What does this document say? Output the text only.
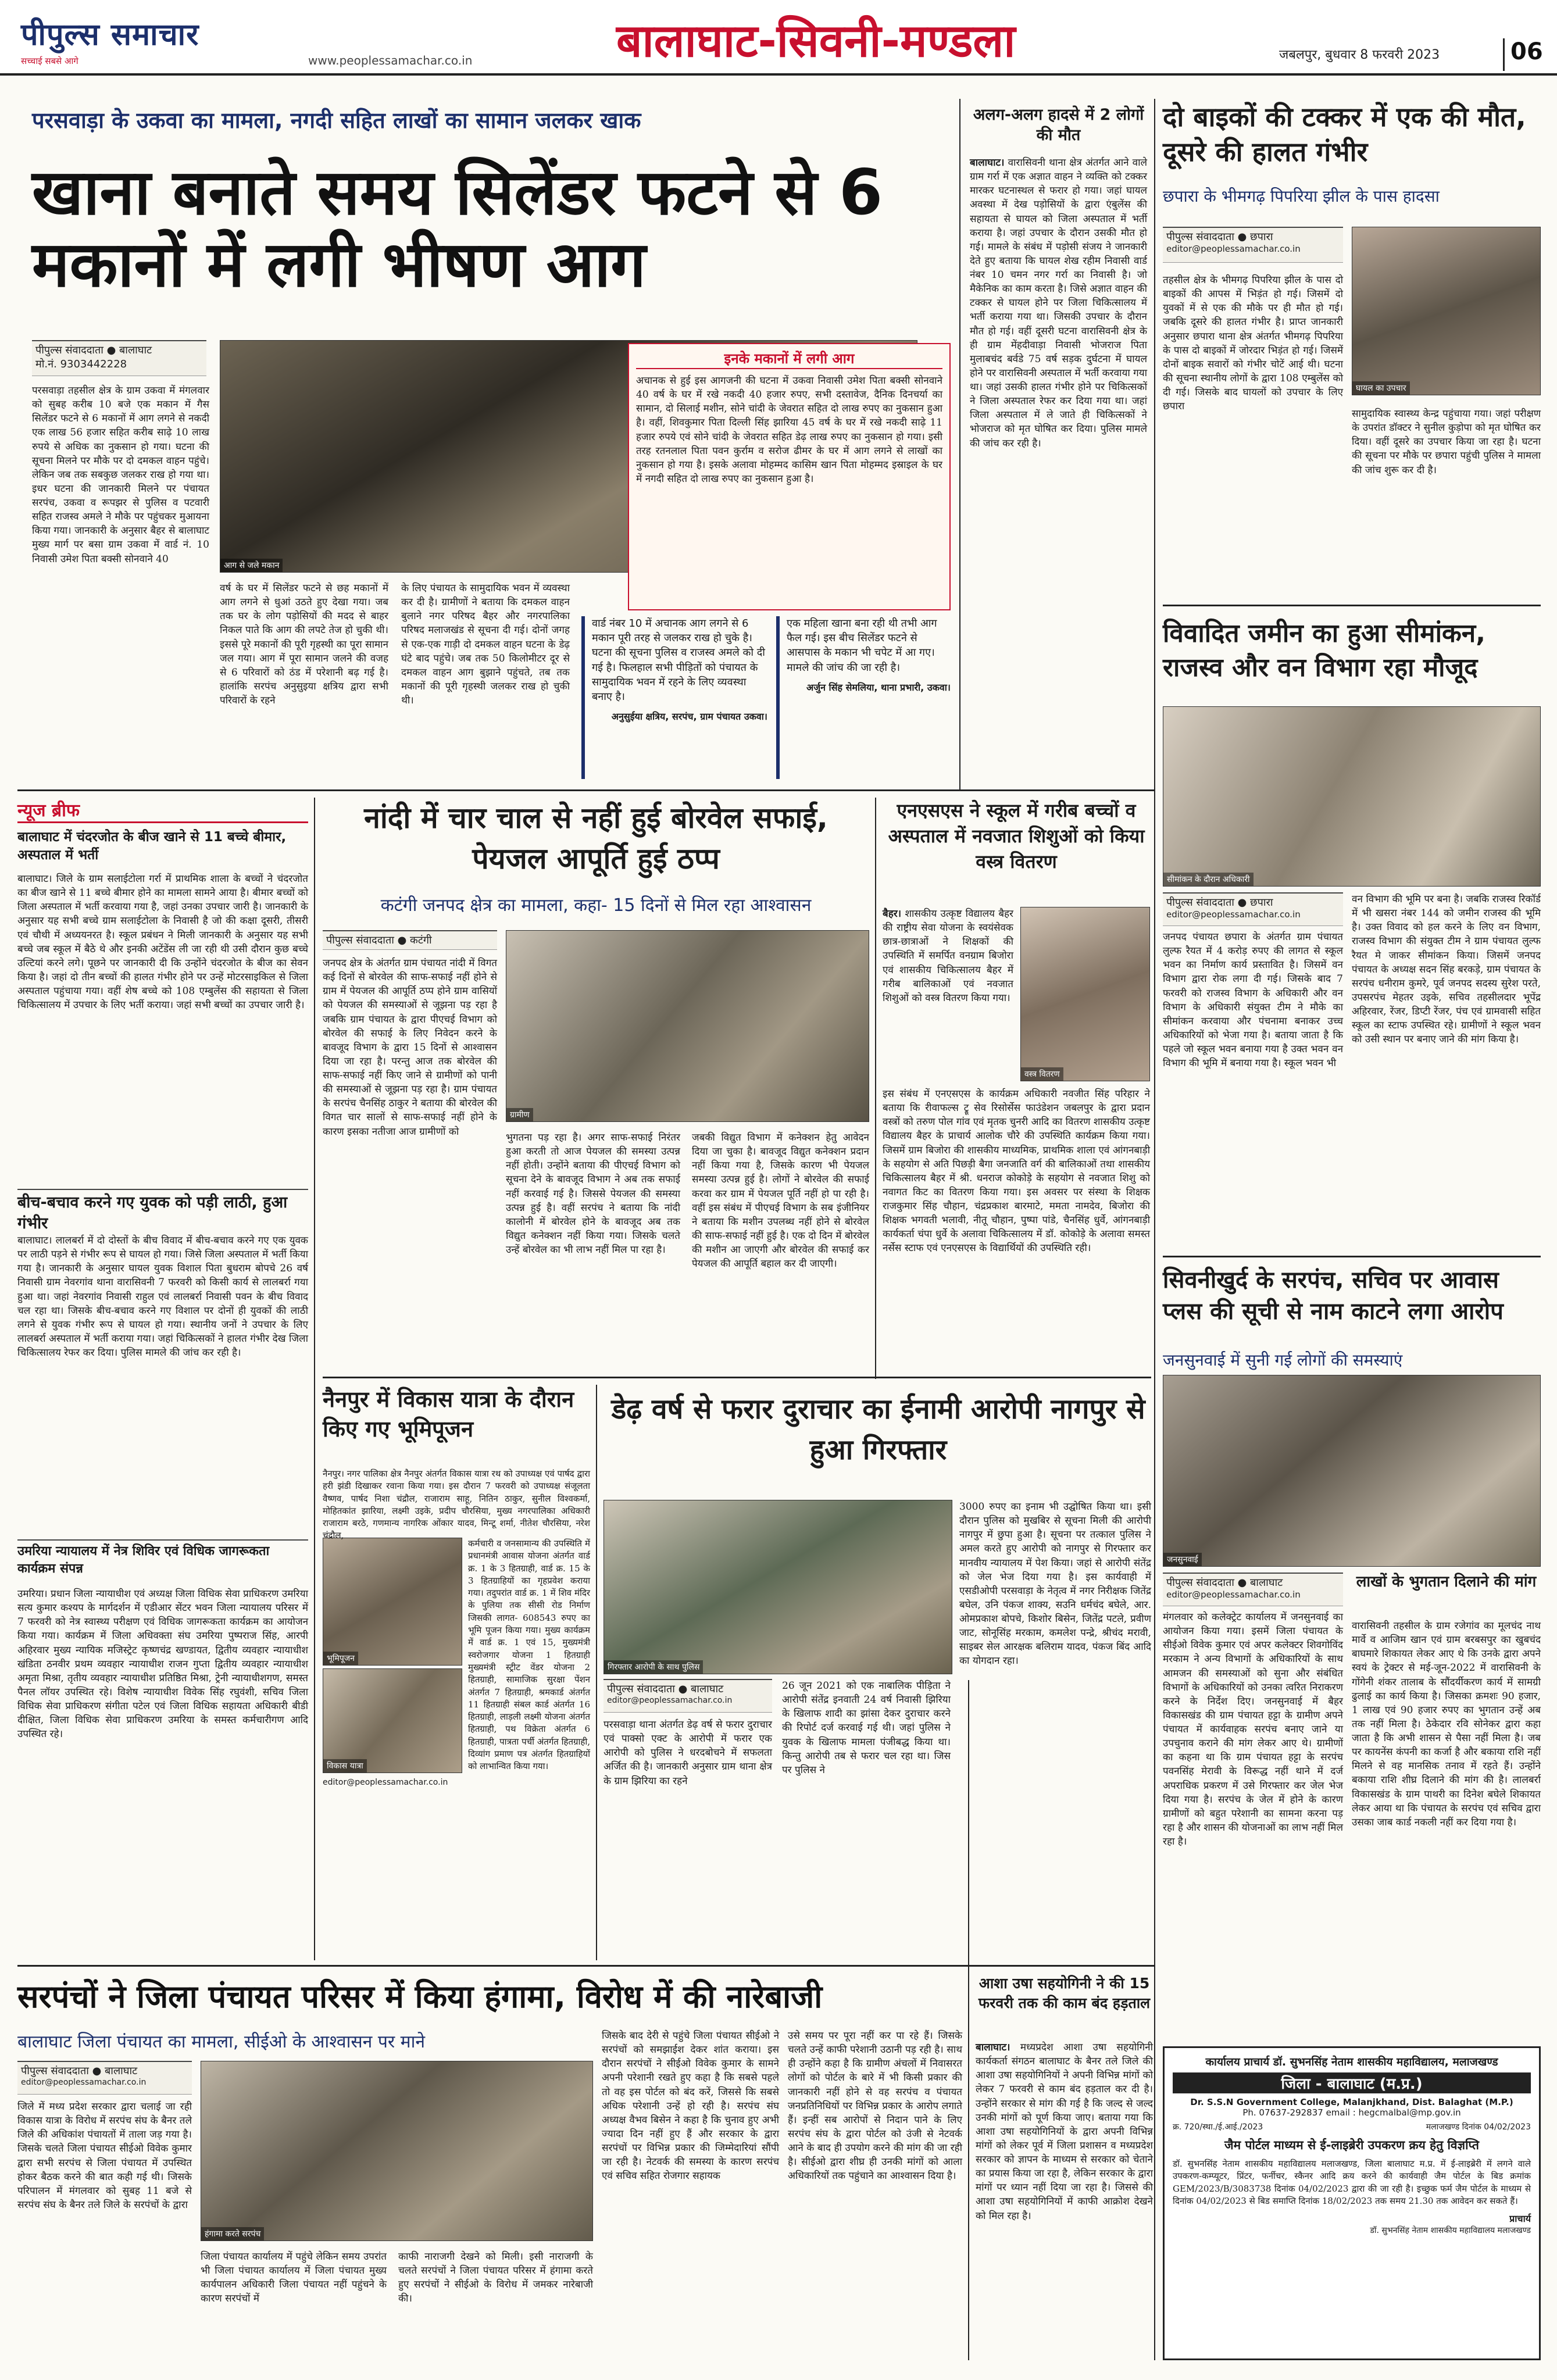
पीपुल्स समाचार
सच्चाई सबसे आगे	www.peoplessamachar.co.in	बालाघाट-सिवनी-मण्डला	जबलपुर, बुधवार 8 फरवरी 2023	06
परसवाड़ा के उकवा का मामला, नगदी सहित लाखों का सामान जलकर खाक
खाना बनाते समय सिलेंडर फटने से 6 मकानों में लगी भीषण आग
पीपुल्स संवाददाता ● बालाघाट
मो.नं. 9303442228
परसवाड़ा तहसील क्षेत्र के ग्राम उकवा में मंगलवार को सुबह करीब 10 बजे एक मकान में गैस सिलेंडर फटने से 6 मकानों में आग लगने से नकदी एक लाख 56 हजार सहित करीब साढ़े 10 लाख रुपये से अधिक का नुकसान हो गया। घटना की सूचना मिलने पर मौके पर दो दमकल वाहन पहुंचे। लेकिन जब तक सबकुछ जलकर राख हो गया था। इधर घटना की जानकारी मिलने पर पंचायत सरपंच, उकवा व रूपझर से पुलिस व पटवारी सहित राजस्व अमले ने मौके पर पहुंचकर मुआयना किया गया। जानकारी के अनुसार बैहर से बालाघाट मुख्य मार्ग पर बसा ग्राम उकवा में वार्ड नं. 10 निवासी उमेश पिता बक्सी सोनवाने 40
आग से जले मकान
वर्ष के घर में सिलेंडर फटने से छह मकानों में आग लगने से धुआं उठते हुए देखा गया। जब तक घर के लोग पड़ोसियों की मदद से बाहर निकल पाते कि आग की लपटे तेज हो चुकी थी। इससे पूरे मकानों की पूरी गृहस्थी का पूरा सामान जल गया। आग में पूरा सामान जलने की वजह से 6 परिवारों को ठंड में परेशानी बढ़ गई है। हालांकि सरपंच अनुसुइया क्षत्रिय द्वारा सभी परिवारों के रहने
के लिए पंचायत के सामुदायिक भवन में व्यवस्था कर दी है। ग्रामीणों ने बताया कि दमकल वाहन बुलाने नगर परिषद बैहर और नगरपालिका परिषद मलाजखंड से सूचना दी गई। दोनों जगह से एक-एक गाड़ी दो दमकल वाहन घटना के डेढ़ घंटे बाद पहुंचे। जब तक 50 किलोमीटर दूर से दमकल वाहन आग बुझाने पहुंचते, तब तक मकानों की पूरी गृहस्थी जलकर राख हो चुकी थी।
इनके मकानों में लगी आग
अचानक से हुई इस आगजनी की घटना में उकवा निवासी उमेश पिता बक्सी सोनवाने 40 वर्ष के घर में रखे नकदी 40 हजार रुपए, सभी दस्तावेज, दैनिक दिनचर्या का सामान, दो सिलाई मशीन, सोने चांदी के जेवरात सहित दो लाख रुपए का नुकसान हुआ है। वहीं, शिवकुमार पिता दिल्ली सिंह झारिया 45 वर्ष के घर में रखे नकदी साढ़े 11 हजार रुपये एवं सोने चांदी के जेवरात सहित डेढ़ लाख रुपए का नुकसान हो गया। इसी तरह रतनलाल पिता पवन कुर्राम व सरोज ढीमर के घर में आग लगने से लाखों का नुकसान हो गया है। इसके अलावा मोहम्मद कासिम खान पिता मोहम्मद इस्राइल के घर में नगदी सहित दो लाख रुपए का नुकसान हुआ है।
वार्ड नंबर 10 में अचानक आग लगने से 6 मकान पूरी तरह से जलकर राख हो चुके है। घटना की सूचना पुलिस व राजस्व अमले को दी गई है। फिलहाल सभी पीड़ितों को पंचायत के सामुदायिक भवन में रहने के लिए व्यवस्था बनाए है।
अनुसुईया क्षत्रिय, सरपंच, ग्राम पंचायत उकवा।
एक महिला खाना बना रही थी तभी आग फैल गई। इस बीच सिलेंडर फटने से आसपास के मकान भी चपेट में आ गए। मामले की जांच की जा रही है।
अर्जुन सिंह सेमलिया, थाना प्रभारी, उकवा।
अलग-अलग हादसे में 2 लोगों की मौत
बालाघाट। वारासिवनी थाना क्षेत्र अंतर्गत आने वाले ग्राम गर्रा में एक अज्ञात वाहन ने व्यक्ति को टक्कर मारकर घटनास्थल से फरार हो गया। जहां घायल अवस्था में देख पड़ोसियों के द्वारा एंबुलेंस की सहायता से घायल को जिला अस्पताल में भर्ती कराया है। जहां उपचार के दौरान उसकी मौत हो गई। मामले के संबंध में पड़ोसी संजय ने जानकारी देते हुए बताया कि घायल शेख रहीम निवासी वार्ड नंबर 10 चमन नगर गर्रा का निवासी है। जो मैकेनिक का काम करता है। जिसे अज्ञात वाहन की टक्कर से घायल होने पर जिला चिकित्सालय में भर्ती कराया गया था। जिसकी उपचार के दौरान मौत हो गई। वहीं दूसरी घटना वारासिवनी क्षेत्र के ही ग्राम मेंहदीवाड़ा निवासी भोजराज पिता मुलाबचंद बर्वडे 75 वर्ष सड़क दुर्घटना में घायल होने पर वारासिवनी अस्पताल में भर्ती करवाया गया था। जहां उसकी हालत गंभीर होने पर चिकित्सकों ने जिला अस्पताल रेफर कर दिया गया था। जहां जिला अस्पताल में ले जाते ही चिकित्सकों ने भोजराज को मृत घोषित कर दिया। पुलिस मामले की जांच कर रही है।
दो बाइकों की टक्कर में एक की मौत, दूसरे की हालत गंभीर
छपारा के भीमगढ़ पिपरिया झील के पास हादसा
पीपुल्स संवाददाता ● छपारा
editor@peoplessamachar.co.in
घायल का उपचार
तहसील क्षेत्र के भीमगढ़ पिपरिया झील के पास दो बाइकों की आपस में भिड़ंत हो गई। जिसमें दो युवकों में से एक की मौके पर ही मौत हो गई। जबकि दूसरे की हालत गंभीर है। प्राप्त जानकारी अनुसार छपारा थाना क्षेत्र अंतर्गत भीमगढ़ पिपरिया के पास दो बाइकों में जोरदार भिड़ंत हो गई। जिसमें दोनों बाइक सवारों को गंभीर चोटें आई थी। घटना की सूचना स्थानीय लोगों के द्वारा 108 एम्बुलेंस को दी गई। जिसके बाद घायलों को उपचार के लिए छपारा
सामुदायिक स्वास्थ्य केन्द्र पहुंचाया गया। जहां परीक्षण के उपरांत डॉक्टर ने सुनील कुड़ोपा को मृत घोषित कर दिया। वहीं दूसरे का उपचार किया जा रहा है। घटना की सूचना पर मौके पर छपारा पहुंची पुलिस ने मामला की जांच शुरू कर दी है।
विवादित जमीन का हुआ सीमांकन, राजस्व और वन विभाग रहा मौजूद
सीमांकन के दौरान अधिकारी
पीपुल्स संवाददाता ● छपारा
editor@peoplessamachar.co.in
जनपद पंचायत छपारा के अंतर्गत ग्राम पंचायत लुल्फ रैयत में 4 करोड़ रुपए की लागत से स्कूल भवन का निर्माण कार्य प्रस्तावित है। जिसमें वन विभाग द्वारा रोक लगा दी गई। जिसके बाद 7 फरवरी को राजस्व विभाग के अधिकारी और वन विभाग के अधिकारी संयुक्त टीम ने मौके का सीमांकन करवाया और पंचनामा बनाकर उच्च अधिकारियों को भेजा गया है। बताया जाता है कि पहले जो स्कूल भवन बनाया गया है उक्त भवन वन विभाग की भूमि में बनाया गया है। स्कूल भवन भी
वन विभाग की भूमि पर बना है। जबकि राजस्व रिकॉर्ड में भी खसरा नंबर 144 को जमीन राजस्व की भूमि है। उक्त विवाद को हल करने के लिए वन विभाग, राजस्व विभाग की संयुक्त टीम ने ग्राम पंचायत लुल्फ रैयत मे जाकर सीमांकन किया। जिसमें जनपद पंचायत के अध्यक्ष सदन सिंह बरकड़े, ग्राम पंचायत के सरपंच धनीराम कुमरे, पूर्व जनपद सदस्य सुरेश परते, उपसरपंच मेहतर उइके, सचिव तहसीलदार भूपेंद्र अहिरवार, रेंजर, डिप्टी रेंजर, पंच एवं ग्रामवासी सहित स्कूल का स्टाफ उपस्थित रहे। ग्रामीणों ने स्कूल भवन को उसी स्थान पर बनाए जाने की मांग किया है।
सिवनीखुर्द के सरपंच, सचिव पर आवास प्लस की सूची से नाम काटने लगा आरोप
जनसुनवाई में सुनी गई लोगों की समस्याएं
जनसुनवाई
पीपुल्स संवाददाता ● बालाघाट
editor@peoplessamachar.co.in
लाखों के भुगतान दिलाने की मांग
मंगलवार को कलेक्ट्रेट कार्यालय में जनसुनवाई का आयोजन किया गया। इसमें जिला पंचायत के सीईओ विवेक कुमार एवं अपर कलेक्टर शिवगोविंद मरकाम ने अन्य विभागों के अधिकारियों के साथ आमजन की समस्याओं को सुना और संबंधित विभागों के अधिकारियों को उनका त्वरित निराकरण करने के निर्देश दिए। जनसुनवाई में बैहर विकासखंड की ग्राम पंचायत हट्टा के ग्रामीण अपने पंचायत में कार्यवाहक सरपंच बनाए जाने या उपचुनाव कराने की मांग लेकर आए थे। ग्रामीणों का कहना था कि ग्राम पंचायत हट्टा के सरपंच पवनसिंह मेरावी के विरूद्ध नहीं थाने में दर्ज अपराधिक प्रकरण में उसे गिरफ्तार कर जेल भेज दिया गया है। सरपंच के जेल में होने के कारण ग्रामीणों को बहुत परेशानी का सामना करना पड़ रहा है और शासन की योजनाओं का लाभ नहीं मिल रहा है।
वारासिवनी तहसील के ग्राम रजेगांव का मूलचंद नाथ मार्वे व आजिम खान एवं ग्राम बरबसपुर का खुबचंद बाघमारे शिकायत लेकर आए थे कि उनके द्वारा अपने स्वयं के ट्रेक्टर से मई-जून-2022 में वारासिवनी के गोंगेनी शंकर तालाब के सौंदर्यीकरण कार्य में सामग्री ढुलाई का कार्य किया है। जिसका क्रमशः 90 हजार, 1 लाख एवं 90 हजार रुपए का भुगतान उन्हें अब तक नहीं मिला है। ठेकेदार रवि सोनेकर द्वारा कहा जाता है कि अभी शासन से पैसा नहीं मिला है। जब पर कायनेंस कंपनी का कर्जा है और बकाया राशि नहीं मिलने से वह मानसिक तनाव में रहते हैं। उन्होंने बकाया राशि शीघ्र दिलाने की मांग की है। लालबर्रा विकासखंड के ग्राम पाथरी का दिनेश बघेले शिकायत लेकर आया था कि पंचायत के सरपंच एवं सचिव द्वारा उसका जाब कार्ड नकली नहीं कर दिया गया है।
कार्यालय प्राचार्य डॉ. सुभनसिंह नेताम शासकीय महाविद्यालय, मलाजखण्ड
जिला - बालाघाट (म.प्र.)
Dr. S.S.N Government College, Malanjkhand, Dist. Balaghat (M.P.)
Ph. 07637-292837 email : hegcmalbal@mp.gov.in
क्र. 720/स्था./ई.आई./2023	मलाजखण्ड दिनांक 04/02/2023
जैम पोर्टल माध्यम से ई-लाइब्रेरी उपकरण क्रय हेतु विज्ञप्ति
डॉ. सुभनसिंह नेताम शासकीय महाविद्यालय मलाजखण्ड, जिला बालाघाट म.प्र. में ई-लाइब्रेरी में लगने वाले उपकरण-कम्प्यूटर, प्रिंटर, फर्नीचर, स्कैनर आदि क्रय करने की कार्यवाही जैम पोर्टल के बिड क्रमांक GEM/2023/B/3083738 दिनांक 04/02/2023 द्वारा की जा रही है। इच्छुक फर्म जैम पोर्टल के माध्यम से दिनांक 04/02/2023 से बिड समाप्ति दिनांक 18/02/2023 तक समय 21.30 तक आवेदन कर सकते हैं।
प्राचार्य
डॉ. सुभनसिंह नेताम शासकीय महाविद्यालय मलाजखण्ड
न्यूज ब्रीफ
बालाघाट में चंदरजोत के बीज खाने से 11 बच्चे बीमार, अस्पताल में भर्ती
बालाघाट। जिले के ग्राम सलाईटोला गर्रा में प्राथमिक शाला के बच्चों ने चंदरजोत का बीज खाने से 11 बच्चे बीमार होने का मामला सामने आया है। बीमार बच्चों को जिला अस्पताल में भर्ती करवाया गया है, जहां उनका उपचार जारी है। जानकारी के अनुसार यह सभी बच्चे ग्राम सलाईटोला के निवासी है जो की कक्षा दूसरी, तीसरी एवं चौथी में अध्ययनरत है। स्कूल प्रबंधन ने मिली जानकारी के अनुसार यह सभी बच्चे जब स्कूल में बैठे थे और इनकी अटेंडेंस ली जा रही थी उसी दौरान कुछ बच्चे उल्टियां करने लगे। पूछने पर जानकारी दी कि उन्होंने चंदरजोत के बीज का सेवन किया है। जहां दो तीन बच्चों की हालत गंभीर होने पर उन्हें मोटरसाइकिल से जिला अस्पताल पहुंचाया गया। वहीं शेष बच्चे को 108 एम्बुलेंस की सहायता से जिला चिकित्सालय में उपचार के लिए भर्ती कराया। जहां सभी बच्चों का उपचार जारी है।
बीच-बचाव करने गए युवक को पड़ी लाठी, हुआ गंभीर
बालाघाट। लालबर्रा में दो दोस्तों के बीच विवाद में बीच-बचाव करने गए एक युवक पर लाठी पड़ने से गंभीर रूप से घायल हो गया। जिसे जिला अस्पताल में भर्ती किया गया है। जानकारी के अनुसार घायल युवक विशाल पिता बुधराम बोपचे 26 वर्ष निवासी ग्राम नेवरगांव थाना वारासिवनी 7 फरवरी को किसी कार्य से लालबर्रा गया हुआ था। जहां नेवरगांव निवासी राहुल एवं लालबर्रा निवासी पवन के बीच विवाद चल रहा था। जिसके बीच-बचाव करने गए विशाल पर दोनों ही युवकों की लाठी लगने से युवक गंभीर रूप से घायल हो गया। स्थानीय जनों ने उपचार के लिए लालबर्रा अस्पताल में भर्ती कराया गया। जहां चिकित्सकों ने हालत गंभीर देख जिला चिकित्सालय रेफर कर दिया। पुलिस मामले की जांच कर रही है।
उमरिया न्यायालय में नेत्र शिविर एवं विधिक जागरूकता कार्यक्रम संपन्न
उमरिया। प्रधान जिला न्यायाधीश एवं अध्यक्ष जिला विधिक सेवा प्राधिकरण उमरिया सत्य कुमार कश्यप के मार्गदर्शन में एडीआर सेंटर भवन जिला न्यायालय परिसर में 7 फरवरी को नेत्र स्वास्थ्य परीक्षण एवं विधिक जागरूकता कार्यक्रम का आयोजन किया गया। कार्यक्रम में जिला अधिवक्ता संघ उमरिया पुष्पराज सिंह, आरपी अहिरवार मुख्य न्यायिक मजिस्ट्रेट कृष्णचंद्र खण्डायत, द्वितीय व्यवहार न्यायाधीश खंडिता ठनवीर प्रथम व्यवहार न्यायाधीश राजन गुप्ता द्वितीय व्यवहार न्यायाधीश अमृता मिश्रा, तृतीय व्यवहार न्यायाधीश प्रतिष्ठित मिश्रा, ट्रेनी न्यायाधीशगण, समस्त पैनल लॉयर उपस्थित रहे। विशेष न्यायाधीश विवेक सिंह रघुवंशी, सचिव जिला विधिक सेवा प्राधिकरण संगीता पटेल एवं जिला विधिक सहायता अधिकारी बीडी दीक्षित, जिला विधिक सेवा प्राधिकरण उमरिया के समस्त कर्मचारीगण आदि उपस्थित रहे।
नांदी में चार चाल से नहीं हुई बोरवेल सफाई, पेयजल आपूर्ति हुई ठप्प
कटंगी जनपद क्षेत्र का मामला, कहा- 15 दिनों से मिल रहा आश्वासन
पीपुल्स संवाददाता ● कटंगी
ग्रामीण
जनपद क्षेत्र के अंतर्गत ग्राम पंचायत नांदी में विगत कई दिनों से बोरवेल की साफ-सफाई नहीं होने से ग्राम में पेयजल की आपूर्ति ठप्प होने ग्राम वासियों को पेयजल की समस्याओं से जूझना पड़ रहा है जबकि ग्राम पंचायत के द्वारा पीएचई विभाग को बोरवेल की सफाई के लिए निवेदन करने के बावजूद विभाग के द्वारा 15 दिनों से आश्वासन दिया जा रहा है। परन्तु आज तक बोरवेल की साफ-सफाई नहीं किए जाने से ग्रामीणों को पानी की समस्याओं से जूझना पड़ रहा है। ग्राम पंचायत के सरपंच चैनसिंह ठाकुर ने बताया की बोरवेल की विगत चार सालों से साफ-सफाई नहीं होने के कारण इसका नतीजा आज ग्रामीणों को
भुगतना पड़ रहा है। अगर साफ-सफाई निरंतर हुआ करती तो आज पेयजल की समस्या उत्पन्न नहीं होती। उन्होंने बताया की पीएचई विभाग को सूचना देने के बावजूद विभाग ने अब तक सफाई नहीं करवाई गई है। जिससे पेयजल की समस्या उत्पन्न हुई है। वहीं सरपंच ने बताया कि नांदी कालोनी में बोरवेल होने के बावजूद अब तक विद्युत कनेक्शन नहीं किया गया। जिसके चलते उन्हें बोरवेल का भी लाभ नहीं मिल पा रहा है।
जबकी विद्युत विभाग में कनेक्शन हेतु आवेदन दिया जा चुका है। बावजूद विद्युत कनेक्शन प्रदान नहीं किया गया है, जिसके कारण भी पेयजल समस्या उत्पन्न हुई है। लोगों ने बोरवेल की सफाई करवा कर ग्राम में पेयजल पूर्ति नहीं हो पा रही है। वहीं इस संबंध में पीएचई विभाग के सब इंजीनियर ने बताया कि मशीन उपलब्ध नहीं होने से बोरवेल की साफ-सफाई नहीं हुई है। एक दो दिन में बोरवेल की मशीन आ जाएगी और बोरवेल की सफाई कर पेयजल की आपूर्ति बहाल कर दी जाएगी।
एनएसएस ने स्कूल में गरीब बच्चों व अस्पताल में नवजात शिशुओं को किया वस्त्र वितरण
बैहर। शासकीय उत्कृष्ट विद्यालय बैहर की राष्ट्रीय सेवा योजना के स्वयंसेवक छात्र-छात्राओं ने शिक्षकों की उपस्थिति में समर्पित वनग्राम बिजोरा एवं शासकीय चिकित्सालय बैहर में गरीब बालिकाओं एवं नवजात शिशुओं को वस्त्र वितरण किया गया।
वस्त्र वितरण
इस संबंध में एनएसएस के कार्यक्रम अधिकारी नवजीत सिंह परिहार ने बताया कि रीवाफल्स ट्रू सेव रिसोर्सेस फाउंडेशन जबलपुर के द्वारा प्रदान वस्त्रों को तरुण पोल गांव एवं मृतक चुनरी आदि का वितरण शासकीय उत्कृष्ट विद्यालय बैहर के प्राचार्य आलोक चौरे की उपस्थिति कार्यक्रम किया गया। जिसमें ग्राम बिजोरा की शासकीय माध्यमिक, प्राथमिक शाला एवं आंगनबाड़ी के सहयोग से अति पिछड़ी बैगा जनजाति वर्ग की बालिकाओं तथा शासकीय चिकित्सालय बैहर में श्री. धनराज कोकोड़े के सहयोग से नवजात शिशु को नवागत किट का वितरण किया गया। इस अवसर पर संस्था के शिक्षक राजकुमार सिंह चौहान, चंद्रप्रकाश बारमाटे, ममता नामदेव, बिजोरा की शिक्षक भगवती भलावी, नीतू चौहान, पुष्पा पांडे, चैनसिंह धुर्वे, आंगनबाड़ी कार्यकर्ता चंपा धुर्वे के अलावा चिकित्सालय में डॉ. कोकोड़े के अलावा समस्त नर्सेस स्टाफ एवं एनएसएस के विद्यार्थियों की उपस्थिति रही।
नैनपुर में विकास यात्रा के दौरान किए गए भूमिपूजन
भूमिपूजन
विकास यात्रा
editor@peoplessamachar.co.in
नैनपुर। नगर पालिका क्षेत्र नैनपुर अंतर्गत विकास यात्रा रथ को उपाध्यक्ष एवं पार्षद द्वारा हरी झंडी दिखाकर रवाना किया गया। इस दौरान 7 फरवरी को उपाध्यक्ष संजूलता वैष्णव, पार्षद निशा चंद्रौल, राजाराम साहू, नितिन ठाकुर, सुनील विश्वकर्मा, मोहितकांत झारिया, लक्ष्मी उइके, प्रदीप चौरसिया, मुख्य नगरपालिका अधिकारी राजाराम बरठे, गणमान्य नागरिक ओंकार यादव, मिन्टू शर्मा, नीतेश चौरसिया, नरेश चंद्रौल,
कर्मचारी व जनसामान्य की उपस्थिति में प्रधानमंत्री आवास योजना अंतर्गत वार्ड क्र. 1 के 3 हितग्राही, वार्ड क्र. 15 के 3 हितग्राहियों का गृहप्रवेश कराया गया। तदुपरांत वार्ड क्र. 1 में शिव मंदिर के पुलिया तक सीसी रोड निर्माण जिसकी लागत- 608543 रुपए का भूमि पूजन किया गया। मुख्य कार्यक्रम में वार्ड क्र. 1 एवं 15, मुख्यमंत्री स्वरोजगार योजना 1 हितग्राही मुख्यमंत्री स्ट्रीट वेंडर योजना 2 हितग्राही, सामाजिक सुरक्षा पेंशन अंतर्गत 7 हितग्राही, श्रमकार्ड अंतर्गत 11 हितग्राही संबल कार्ड अंतर्गत 16 हितग्राही, लाड़ली लक्ष्मी योजना अंतर्गत हितग्राही, पथ विक्रेता अंतर्गत 6 हितग्राही, पात्रता पर्ची अंतर्गत हितग्राही, दिव्यांग प्रमाण पत्र अंतर्गत हितग्राहियों को लाभान्वित किया गया।
डेढ़ वर्ष से फरार दुराचार का ईनामी आरोपी नागपुर से हुआ गिरफ्तार
गिरफ्तार आरोपी के साथ पुलिस
पीपुल्स संवाददाता ● बालाघाट
editor@peoplessamachar.co.in
परसवाड़ा थाना अंतर्गत डेढ़ वर्ष से फरार दुराचार एवं पाक्सो एक्ट के आरोपी में फरार एक आरोपी को पुलिस ने धरदबोचने में सफलता अर्जित की है। जानकारी अनुसार ग्राम थाना क्षेत्र के ग्राम झिरिया का रहने
26 जून 2021 को एक नाबालिक पीड़िता ने आरोपी संतेंद्र इनवाती 24 वर्ष निवासी झिरिया के खिलाफ शादी का झांसा देकर दुराचार करने की रिपोर्ट दर्ज करवाई गई थी। जहां पुलिस ने युवक के खिलाफ मामला पंजीबद्ध किया था। किन्तु आरोपी तब से फरार चल रहा था। जिस पर पुलिस ने
3000 रुपए का इनाम भी उद्घोषित किया था। इसी दौरान पुलिस को मुखबिर से सूचना मिली की आरोपी नागपुर में छुपा हुआ है। सूचना पर तत्काल पुलिस ने अमल करते हुए आरोपी को नागपुर से गिरफ्तार कर मानवीय न्यायालय में पेश किया। जहां से आरोपी संतेंद्र को जेल भेज दिया गया है। इस कार्यवाही में एसडीओपी परसवाड़ा के नेतृत्व में नगर निरीक्षक जितेंद्र बघेल, उनि पंकज शाक्य, सउनि धर्मचंद बघेले, आर. ओमप्रकाश बोपचे, किशोर बिसेन, जितेंद्र पटले, प्रवीण जाट, सोनूसिंह मरकाम, कमलेश पन्द्रे, श्रीचंद मरावी, साइबर सेल आरक्षक बलिराम यादव, पंकज बिंद आदि का योगदान रहा।
सरपंचों ने जिला पंचायत परिसर में किया हंगामा, विरोध में की नारेबाजी
बालाघाट जिला पंचायत का मामला, सीईओ के आश्वासन पर माने
पीपुल्स संवाददाता ● बालाघाट
editor@peoplessamachar.co.in
हंगामा करते सरपंच
जिले में मध्य प्रदेश सरकार द्वारा चलाई जा रही विकास यात्रा के विरोध में सरपंच संघ के बैनर तले जिले की अधिकांश पंचायतों में ताला जड़ गया है। जिसके चलते जिला पंचायत सीईओ विवेक कुमार द्वारा सभी सरपंच से जिला पंचायत में उपस्थित होकर बैठक करने की बात कही गई थी। जिसके परिपालन में मंगलवार को सुबह 11 बजे से सरपंच संघ के बैनर तले जिले के सरपंचों के द्वारा
जिला पंचायत कार्यालय में पहुंचे लेकिन समय उपरांत भी जिला पंचायत कार्यालय में जिला पंचायत मुख्य कार्यपालन अधिकारी जिला पंचायत नहीं पहुंचने के कारण सरपंचों में
काफी नाराजगी देखने को मिली। इसी नाराजगी के चलते सरपंचों ने जिला पंचायत परिसर में हंगामा करते हुए सरपंचों ने सीईओ के विरोध में जमकर नारेबाजी की।
जिसके बाद देरी से पहुंचे जिला पंचायत सीईओ ने सरपंचों को समझाईश देकर शांत कराया। इस दौरान सरपंचों ने सीईओ विवेक कुमार के सामने अपनी परेशानी रखते हुए कहा है कि सबसे पहले तो वह इस पोर्टल को बंद करें, जिससे कि सबसे अधिक परेशानी उन्हें हो रही है। सरपंच संघ अध्यक्ष वैभव बिसेन ने कहा है कि चुनाव हुए अभी ज्यादा दिन नहीं हुए हैं और सरकार के द्वारा सरपंचों पर विभिन्न प्रकार की जिम्मेदारियां सौंपी जा रही है। नेटवर्क की समस्या के कारण सरपंच एवं सचिव सहित रोजगार सहायक
उसे समय पर पूरा नहीं कर पा रहे हैं। जिसके चलते उन्हें काफी परेशानी उठानी पड़ रही है। साथ ही उन्होंने कहा है कि ग्रामीण अंचलों में निवासरत लोगों को पोर्टल के बारे में भी किसी प्रकार की जानकारी नहीं होने से वह सरपंच व पंचायत जनप्रतिनिधियों पर विभिन्न प्रकार के आरोप लगाते हैं। इन्हीं सब आरोपों से निदान पाने के लिए सरपंच संघ के द्वारा पोर्टल को उंजी से नेटवर्क आने के बाद ही उपयोग करने की मांग की जा रही है। सीईओ द्वारा शीघ्र ही उनकी मांगों को आला अधिकारियों तक पहुंचाने का आश्वासन दिया है।
आशा उषा सहयोगिनी ने की 15 फरवरी तक की काम बंद हड़ताल
बालाघाट। मध्यप्रदेश आशा उषा सहयोगिनी कार्यकर्ता संगठन बालाघाट के बैनर तले जिले की आशा उषा सहयोगिनियों ने अपनी विभिन्न मांगों को लेकर 7 फरवरी से काम बंद हड़ताल कर दी है। उन्होंने सरकार से मांग की गई है कि जल्द से जल्द उनकी मांगों को पूर्ण किया जाए। बताया गया कि आशा उषा सहयोगिनियों के द्वारा अपनी विभिन्न मांगों को लेकर पूर्व में जिला प्रशासन व मध्यप्रदेश सरकार को ज्ञापन के माध्यम से सरकार को चेताने का प्रयास किया जा रहा है, लेकिन सरकार के द्वारा मांगों पर ध्यान नहीं दिया जा रहा है। जिससे की आशा उषा सहयोगिनियों में काफी आक्रोश देखने को मिल रहा है।
